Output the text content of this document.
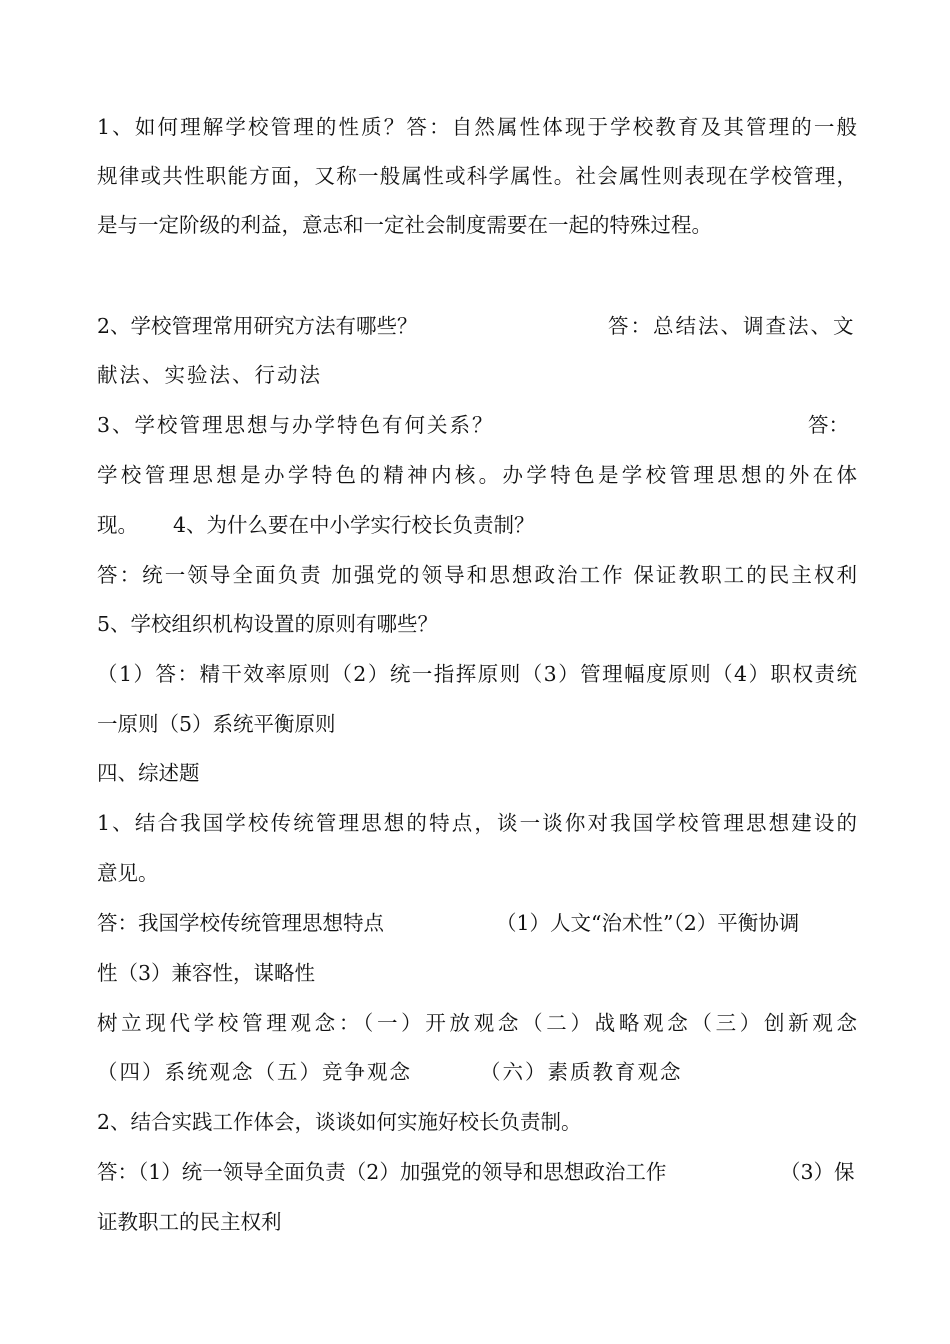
1、如何理解学校管理的性质？答：自然属性体现于学校教育及其管理的一般
规律或共性职能方面，又称一般属性或科学属性。社会属性则表现在学校管理，
是与一定阶级的利益，意志和一定社会制度需要在一起的特殊过程。
2、学校管理常用研究方法有哪些？	答：总结法、调查法、文
献法、实验法、行动法
3、学校管理思想与办学特色有何关系？	答：
学校管理思想是办学特色的精神内核。办学特色是学校管理思想的外在体
现。	4、为什么要在中小学实行校长负责制？
答：统一领导全面负责 加强党的领导和思想政治工作 保证教职工的民主权利
5、学校组织机构设置的原则有哪些？
（1）答：精干效率原则（2）统一指挥原则（3）管理幅度原则（4）职权责统
一原则（5）系统平衡原则
四、综述题
1、结合我国学校传统管理思想的特点，谈一谈你对我国学校管理思想建设的
意见。
答：我国学校传统管理思想特点	（1）人文“治术性”（2）平衡协调
性（3）兼容性，谋略性
树立现代学校管理观念：（一）开放观念（二）战略观念（三）创新观念
（四）系统观念（五）竞争观念	（六）素质教育观念
2、结合实践工作体会，谈谈如何实施好校长负责制。
答：（1）统一领导全面负责（2）加强党的领导和思想政治工作	（3）保
证教职工的民主权利
